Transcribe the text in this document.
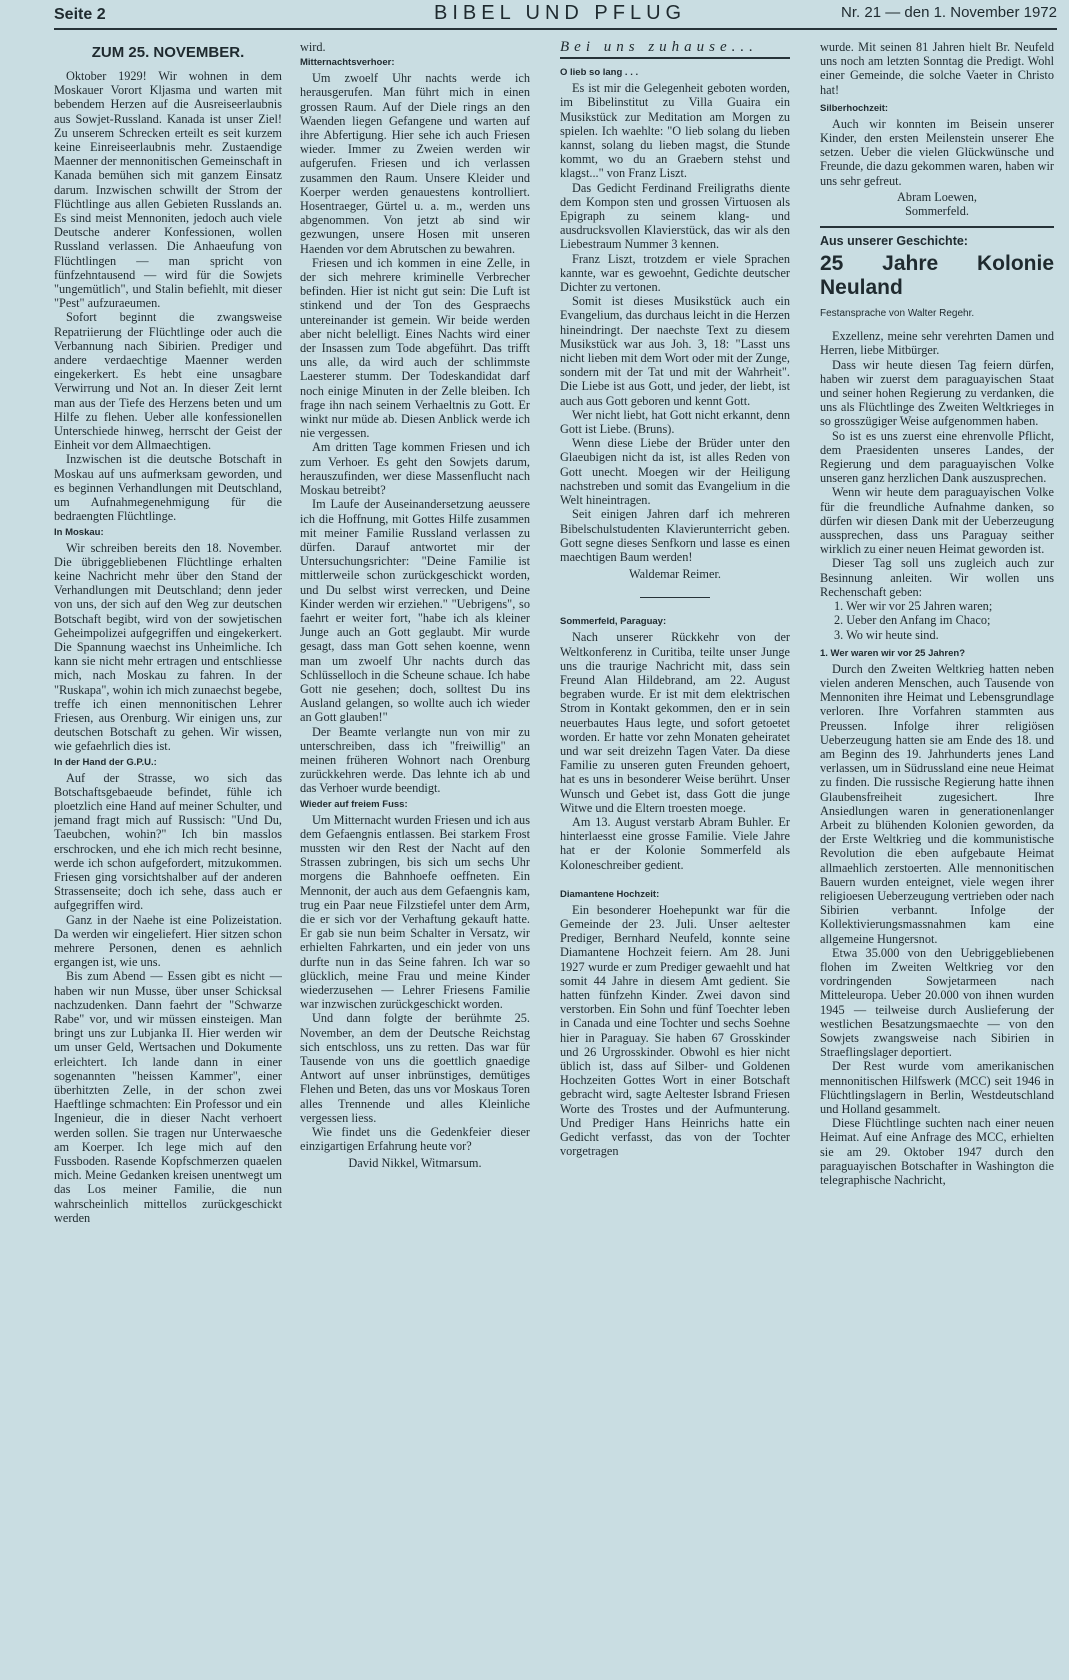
Seite 2	BIBEL UND PFLUG	Nr. 21 — den 1. November 1972
ZUM 25. NOVEMBER.

Oktober 1929! Wir wohnen in dem Moskauer Vorort Kljasma und warten mit bebendem Herzen auf die Ausreiseerlaubnis aus Sowjet-Russland. Kanada ist unser Ziel! Zu unserem Schrecken erteilt es seit kurzem keine Einreiseerlaubnis mehr. Zustaendige Maenner der mennonitischen Gemeinschaft in Kanada bemühen sich mit ganzem Einsatz darum. Inzwischen schwillt der Strom der Flüchtlinge aus allen Gebieten Russlands an. Es sind meist Mennoniten, jedoch auch viele Deutsche anderer Konfessionen, wollen Russland verlassen. Die Anhaeufung von Flüchtlingen — man spricht von fünfzehntausend — wird für die Sowjets "ungemütlich", und Stalin befiehlt, mit dieser "Pest" aufzuraeumen.

Sofort beginnt die zwangsweise Repatriierung der Flüchtlinge oder auch die Verbannung nach Sibirien. Prediger und andere verdaechtige Maenner werden eingekerkert. Es hebt eine unsagbare Verwirrung und Not an. In dieser Zeit lernt man aus der Tiefe des Herzens beten und um Hilfe zu flehen. Ueber alle konfessionellen Unterschiede hinweg, herrscht der Geist der Einheit vor dem Allmaechtigen.

Inzwischen ist die deutsche Botschaft in Moskau auf uns aufmerksam geworden, und es beginnen Verhandlungen mit Deutschland, um Aufnahmegenehmigung für die bedraengten Flüchtlinge.

In Moskau:

Wir schreiben bereits den 18. November. Die übriggebliebenen Flüchtlinge erhalten keine Nachricht mehr über den Stand der Verhandlungen mit Deutschland; denn jeder von uns, der sich auf den Weg zur deutschen Botschaft begibt, wird von der sowjetischen Geheimpolizei aufgegriffen und eingekerkert. Die Spannung waechst ins Unheimliche. Ich kann sie nicht mehr ertragen und entschliesse mich, nach Moskau zu fahren. In der "Ruskapa", wohin ich mich zunaechst begebe, treffe ich einen mennonitischen Lehrer Friesen, aus Orenburg. Wir einigen uns, zur deutschen Botschaft zu gehen. Wir wissen, wie gefaehrlich dies ist.

In der Hand der G.P.U.:

Auf der Strasse, wo sich das Botschaftsgebaeude befindet, fühle ich ploetzlich eine Hand auf meiner Schulter, und jemand fragt mich auf Russisch: "Und Du, Taeubchen, wohin?" Ich bin masslos erschrocken, und ehe ich mich recht besinne, werde ich schon aufgefordert, mitzukommen. Friesen ging vorsichtshalber auf der anderen Strassenseite; doch ich sehe, dass auch er aufgegriffen wird.

Ganz in der Naehe ist eine Polizeistation. Da werden wir eingeliefert. Hier sitzen schon mehrere Personen, denen es aehnlich ergangen ist, wie uns.

Bis zum Abend — Essen gibt es nicht — haben wir nun Musse, über unser Schicksal nachzudenken. Dann faehrt der "Schwarze Rabe" vor, und wir müssen einsteigen. Man bringt uns zur Lubjanka II. Hier werden wir um unser Geld, Wertsachen und Dokumente erleichtert. Ich lande dann in einer sogenannten "heissen Kammer", einer überhitzten Zelle, in der schon zwei Haeftlinge schmachten: Ein Professor und ein Ingenieur, die in dieser Nacht verhoert werden sollen. Sie tragen nur Unterwaesche am Koerper. Ich lege mich auf den Fussboden. Rasende Kopfschmerzen quaelen mich. Meine Gedanken kreisen unentwegt um das Los meiner Familie, die nun wahrscheinlich mittellos zurückgeschickt werden

wird.

Mitternachtsverhoer:

Um zwoelf Uhr nachts werde ich herausgerufen. Man führt mich in einen grossen Raum. Auf der Diele rings an den Waenden liegen Gefangene und warten auf ihre Abfertigung. Hier sehe ich auch Friesen wieder. Immer zu Zweien werden wir aufgerufen. Friesen und ich verlassen zusammen den Raum. Unsere Kleider und Koerper werden genauestens kontrolliert. Hosentraeger, Gürtel u. a. m., werden uns abgenommen. Von jetzt ab sind wir gezwungen, unsere Hosen mit unseren Haenden vor dem Abrutschen zu bewahren.

Friesen und ich kommen in eine Zelle, in der sich mehrere kriminelle Verbrecher befinden. Hier ist nicht gut sein: Die Luft ist stinkend und der Ton des Gespraechs untereinander ist gemein. Wir beide werden aber nicht belelligt. Eines Nachts wird einer der Insassen zum Tode abgeführt. Das trifft uns alle, da wird auch der schlimmste Laesterer stumm. Der Todeskandidat darf noch einige Minuten in der Zelle bleiben. Ich frage ihn nach seinem Verhaeltnis zu Gott. Er winkt nur müde ab. Diesen Anblick werde ich nie vergessen.

Am dritten Tage kommen Friesen und ich zum Verhoer. Es geht den Sowjets darum, herauszufinden, wer diese Massenflucht nach Moskau betreibt?

Im Laufe der Auseinandersetzung aeussere ich die Hoffnung, mit Gottes Hilfe zusammen mit meiner Familie Russland verlassen zu dürfen. Darauf antwortet mir der Untersuchungsrichter: "Deine Familie ist mittlerweile schon zurückgeschickt worden, und Du selbst wirst verrecken, und Deine Kinder werden wir erziehen." "Uebrigens", so faehrt er weiter fort, "habe ich als kleiner Junge auch an Gott geglaubt. Mir wurde gesagt, dass man Gott sehen koenne, wenn man um zwoelf Uhr nachts durch das Schlüsselloch in die Scheune schaue. Ich habe Gott nie gesehen; doch, solltest Du ins Ausland gelangen, so wollte auch ich wieder an Gott glauben!"

Der Beamte verlangte nun von mir zu unterschreiben, dass ich "freiwillig" an meinen früheren Wohnort nach Orenburg zurückkehren werde. Das lehnte ich ab und das Verhoer wurde beendigt.

Wieder auf freiem Fuss:

Um Mitternacht wurden Friesen und ich aus dem Gefaengnis entlassen. Bei starkem Frost mussten wir den Rest der Nacht auf den Strassen zubringen, bis sich um sechs Uhr morgens die Bahnhoefe oeffneten. Ein Mennonit, der auch aus dem Gefaengnis kam, trug ein Paar neue Filzstiefel unter dem Arm, die er sich vor der Verhaftung gekauft hatte. Er gab sie nun beim Schalter in Versatz, wir erhielten Fahrkarten, und ein jeder von uns durfte nun in das Seine fahren. Ich war so glücklich, meine Frau und meine Kinder wiederzusehen — Lehrer Friesens Familie war inzwischen zurückgeschickt worden.

Und dann folgte der berühmte 25. November, an dem der Deutsche Reichstag sich entschloss, uns zu retten. Das war für Tausende von uns die goettlich gnaedige Antwort auf unser inbrünstiges, demütiges Flehen und Beten, das uns vor Moskaus Toren alles Trennende und alles Kleinliche vergessen liess.

Wie findet uns die Gedenkfeier dieser einzigartigen Erfahrung heute vor?

David Nikkel, Witmarsum.
Bei uns zuhause...
O lieb so lang . . .

Es ist mir die Gelegenheit geboten worden, im Bibelinstitut zu Villa Guaira ein Musikstück zur Meditation am Morgen zu spielen. Ich waehlte: "O lieb solang du lieben kannst, solang du lieben magst, die Stunde kommt, wo du an Graebern stehst und klagst..." von Franz Liszt.

Das Gedicht Ferdinand Freiligraths diente dem Kompon sten und grossen Virtuosen als Epigraph zu seinem klang- und ausdrucksvollen Klavierstück, das wir als den Liebestraum Nummer 3 kennen.

Franz Liszt, trotzdem er viele Sprachen kannte, war es gewoehnt, Gedichte deutscher Dichter zu vertonen.

Somit ist dieses Musikstück auch ein Evangelium, das durchaus leicht in die Herzen hineindringt. Der naechste Text zu diesem Musikstück war aus Joh. 3, 18: "Lasst uns nicht lieben mit dem Wort oder mit der Zunge, sondern mit der Tat und mit der Wahrheit". Die Liebe ist aus Gott, und jeder, der liebt, ist auch aus Gott geboren und kennt Gott.

Wer nicht liebt, hat Gott nicht erkannt, denn Gott ist Liebe. (Bruns).

Wenn diese Liebe der Brüder unter den Glaeubigen nicht da ist, ist alles Reden von Gott unecht. Moegen wir der Heiligung nachstreben und somit das Evangelium in die Welt hineintragen.

Seit einigen Jahren darf ich mehreren Bibelschulstudenten Klavierunterricht geben. Gott segne dieses Senfkorn und lasse es einen maechtigen Baum werden!

Waldemar Reimer.
Sommerfeld, Paraguay:

Nach unserer Rückkehr von der Weltkonferenz in Curitiba, teilte unser Junge uns die traurige Nachricht mit, dass sein Freund Alan Hildebrand, am 22. August begraben wurde. Er ist mit dem elektrischen Strom in Kontakt gekommen, den er in sein neuerbautes Haus legte, und sofort getoetet worden. Er hatte vor zehn Monaten geheiratet und war seit dreizehn Tagen Vater. Da diese Familie zu unseren guten Freunden gehoert, hat es uns in besonderer Weise berührt. Unser Wunsch und Gebet ist, dass Gott die junge Witwe und die Eltern troesten moege.

Am 13. August verstarb Abram Buhler. Er hinterlaesst eine grosse Familie. Viele Jahre hat er der Kolonie Sommerfeld als Koloneschreiber gedient.

Diamantene Hochzeit:

Ein besonderer Hoehepunkt war für die Gemeinde der 23. Juli. Unser aeltester Prediger, Bernhard Neufeld, konnte seine Diamantene Hochzeit feiern. Am 28. Juni 1927 wurde er zum Prediger gewaehlt und hat somit 44 Jahre in diesem Amt gedient. Sie hatten fünfzehn Kinder. Zwei davon sind verstorben. Ein Sohn und fünf Toechter leben in Canada und eine Tochter und sechs Soehne hier in Paraguay. Sie haben 67 Grosskinder und 26 Urgrosskinder. Obwohl es hier nicht üblich ist, dass auf Silber- und Goldenen Hochzeiten Gottes Wort in einer Botschaft gebracht wird, sagte Aeltester Isbrand Friesen Worte des Trostes und der Aufmunterung. Und Prediger Hans Heinrichs hatte ein Gedicht verfasst, das von der Tochter vorgetragen

wurde. Mit seinen 81 Jahren hielt Br. Neufeld uns noch am letzten Sonntag die Predigt. Wohl einer Gemeinde, die solche Vaeter in Christo hat!

Silberhochzeit:

Auch wir konnten im Beisein unserer Kinder, den ersten Meilenstein unserer Ehe setzen. Ueber die vielen Glückwünsche und Freunde, die dazu gekommen waren, haben wir uns sehr gefreut.

Abram Loewen,
Sommerfeld.
Aus unserer Geschichte:
25 Jahre Kolonie Neuland
Festansprache von Walter Regehr.

Exzellenz, meine sehr verehrten Damen und Herren, liebe Mitbürger.

Dass wir heute diesen Tag feiern dürfen, haben wir zuerst dem paraguayischen Staat und seiner hohen Regierung zu verdanken, die uns als Flüchtlinge des Zweiten Weltkrieges in so grosszügiger Weise aufgenommen haben.

So ist es uns zuerst eine ehrenvolle Pflicht, dem Praesidenten unseres Landes, der Regierung und dem paraguayischen Volke unseren ganz herzlichen Dank auszusprechen.

Wenn wir heute dem paraguayischen Volke für die freundliche Aufnahme danken, so dürfen wir diesen Dank mit der Ueberzeugung aussprechen, dass uns Paraguay seither wirklich zu einer neuen Heimat geworden ist.

Dieser Tag soll uns zugleich auch zur Besinnung anleiten. Wir wollen uns Rechenschaft geben:

1. Wer wir vor 25 Jahren waren;
2. Ueber den Anfang im Chaco;
3. Wo wir heute sind.
1. Wer waren wir vor 25 Jahren?

Durch den Zweiten Weltkrieg hatten neben vielen anderen Menschen, auch Tausende von Mennoniten ihre Heimat und Lebensgrundlage verloren. Ihre Vorfahren stammten aus Preussen. Infolge ihrer religiösen Ueberzeugung hatten sie am Ende des 18. und am Beginn des 19. Jahrhunderts jenes Land verlassen, um in Südrussland eine neue Heimat zu finden. Die russische Regierung hatte ihnen Glaubensfreiheit zugesichert. Ihre Ansiedlungen waren in generationenlanger Arbeit zu blühenden Kolonien geworden, da der Erste Weltkrieg und die kommunistische Revolution die eben aufgebaute Heimat allmaehlich zerstoerten. Alle mennonitischen Bauern wurden enteignet, viele wegen ihrer religioesen Ueberzeugung vertrieben oder nach Sibirien verbannt. Infolge der Kollektivierungsmassnahmen kam eine allgemeine Hungersnot.

Etwa 35.000 von den Uebriggebliebenen flohen im Zweiten Weltkrieg vor den vordringenden Sowjetarmeen nach Mitteleuropa. Ueber 20.000 von ihnen wurden 1945 — teilweise durch Auslieferung der westlichen Besatzungsmaechte — von den Sowjets zwangsweise nach Sibirien in Straeflingslager deportiert.

Der Rest wurde vom amerikanischen mennonitischen Hilfswerk (MCC) seit 1946 in Flüchtlingslagern in Berlin, Westdeutschland und Holland gesammelt.

Diese Flüchtlinge suchten nach einer neuen Heimat. Auf eine Anfrage des MCC, erhielten sie am 29. Oktober 1947 durch den paraguayischen Botschafter in Washington die telegraphische Nachricht,
